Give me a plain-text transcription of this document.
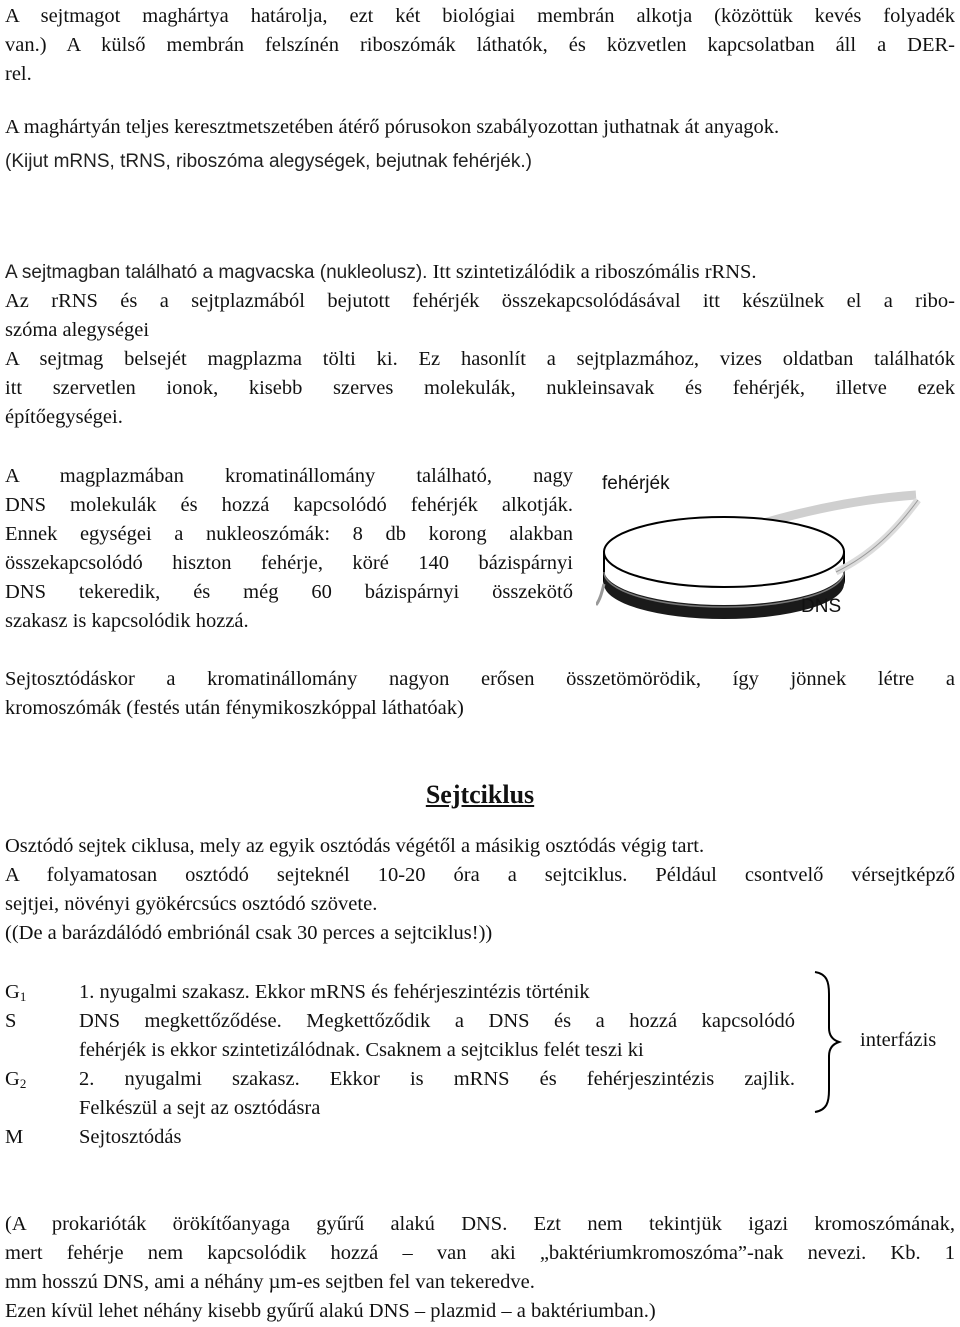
A sejtmagot maghártya határolja, ezt két biológiai membrán alkotja (közöttük kevés folyadék
van.) A külső membrán felszínén riboszómák láthatók, és közvetlen kapcsolatban áll a DER-
rel.
A maghártyán teljes keresztmetszetében átérő pórusokon szabályozottan juthatnak át anyagok.
(Kijut mRNS, tRNS, riboszóma alegységek, bejutnak fehérjék.)
Az rRNS és a sejtplazmából bejutott fehérjék összekapcsolódásával itt készülnek el a ribo-
szóma alegységei
A sejtmag belsejét magplazma tölti ki. Ez hasonlít a sejtplazmához, vizes oldatban találhatók
itt szervetlen ionok, kisebb szerves molekulák, nukleinsavak és fehérjék, illetve ezek
építőegységei.
A sejtmagban található a magvacska (nukleolusz). Itt szintetizálódik a riboszómális rRNS.
A magplazmában kromatinállomány található, nagy
DNS molekulák és hozzá kapcsolódó fehérjék alkotják.
Ennek egységei a nukleoszómák: 8 db korong alakban
összekapcsolódó hiszton fehérje, köré 140 bázispárnyi
DNS tekeredik, és még 60 bázispárnyi összekötő
szakasz is kapcsolódik hozzá.
fehérjék
DNS
Sejtosztódáskor a kromatinállomány nagyon erősen összetömörödik, így jönnek létre a
kromoszómák (festés után fénymikoszkóppal láthatóak)
Sejtciklus
Osztódó sejtek ciklusa, mely az egyik osztódás végétől a másikig osztódás végig tart.
A folyamatosan osztódó sejteknél 10-20 óra a sejtciklus. Például csontvelő vérsejtképző
sejtjei, növényi gyökércsúcs osztódó szövete.
((De a barázdálódó embriónál csak 30 perces a sejtciklus!))
$G_1$	1. nyugalmi szakasz. Ekkor mRNS és fehérjeszintézis történik
S	DNS megkettőződése. Megkettőződik a DNS és a hozzá kapcsolódó
fehérjék is ekkor szintetizálódnak. Csaknem a sejtciklus felét teszi ki
$G_2$	2. nyugalmi szakasz. Ekkor is mRNS és fehérjeszintézis zajlik.
Felkészül a sejt az osztódásra
M	Sejtosztódás
interfázis
(A prokarióták örökítőanyaga gyűrű alakú DNS. Ezt nem tekintjük igazi kromoszómának,
mert fehérje nem kapcsolódik hozzá – van aki „baktériumkromoszóma”-nak nevezi. Kb. 1
mm hosszú DNS, ami a néhány µm-es sejtben fel van tekeredve.
Ezen kívül lehet néhány kisebb gyűrű alakú DNS – plazmid – a baktériumban.)
